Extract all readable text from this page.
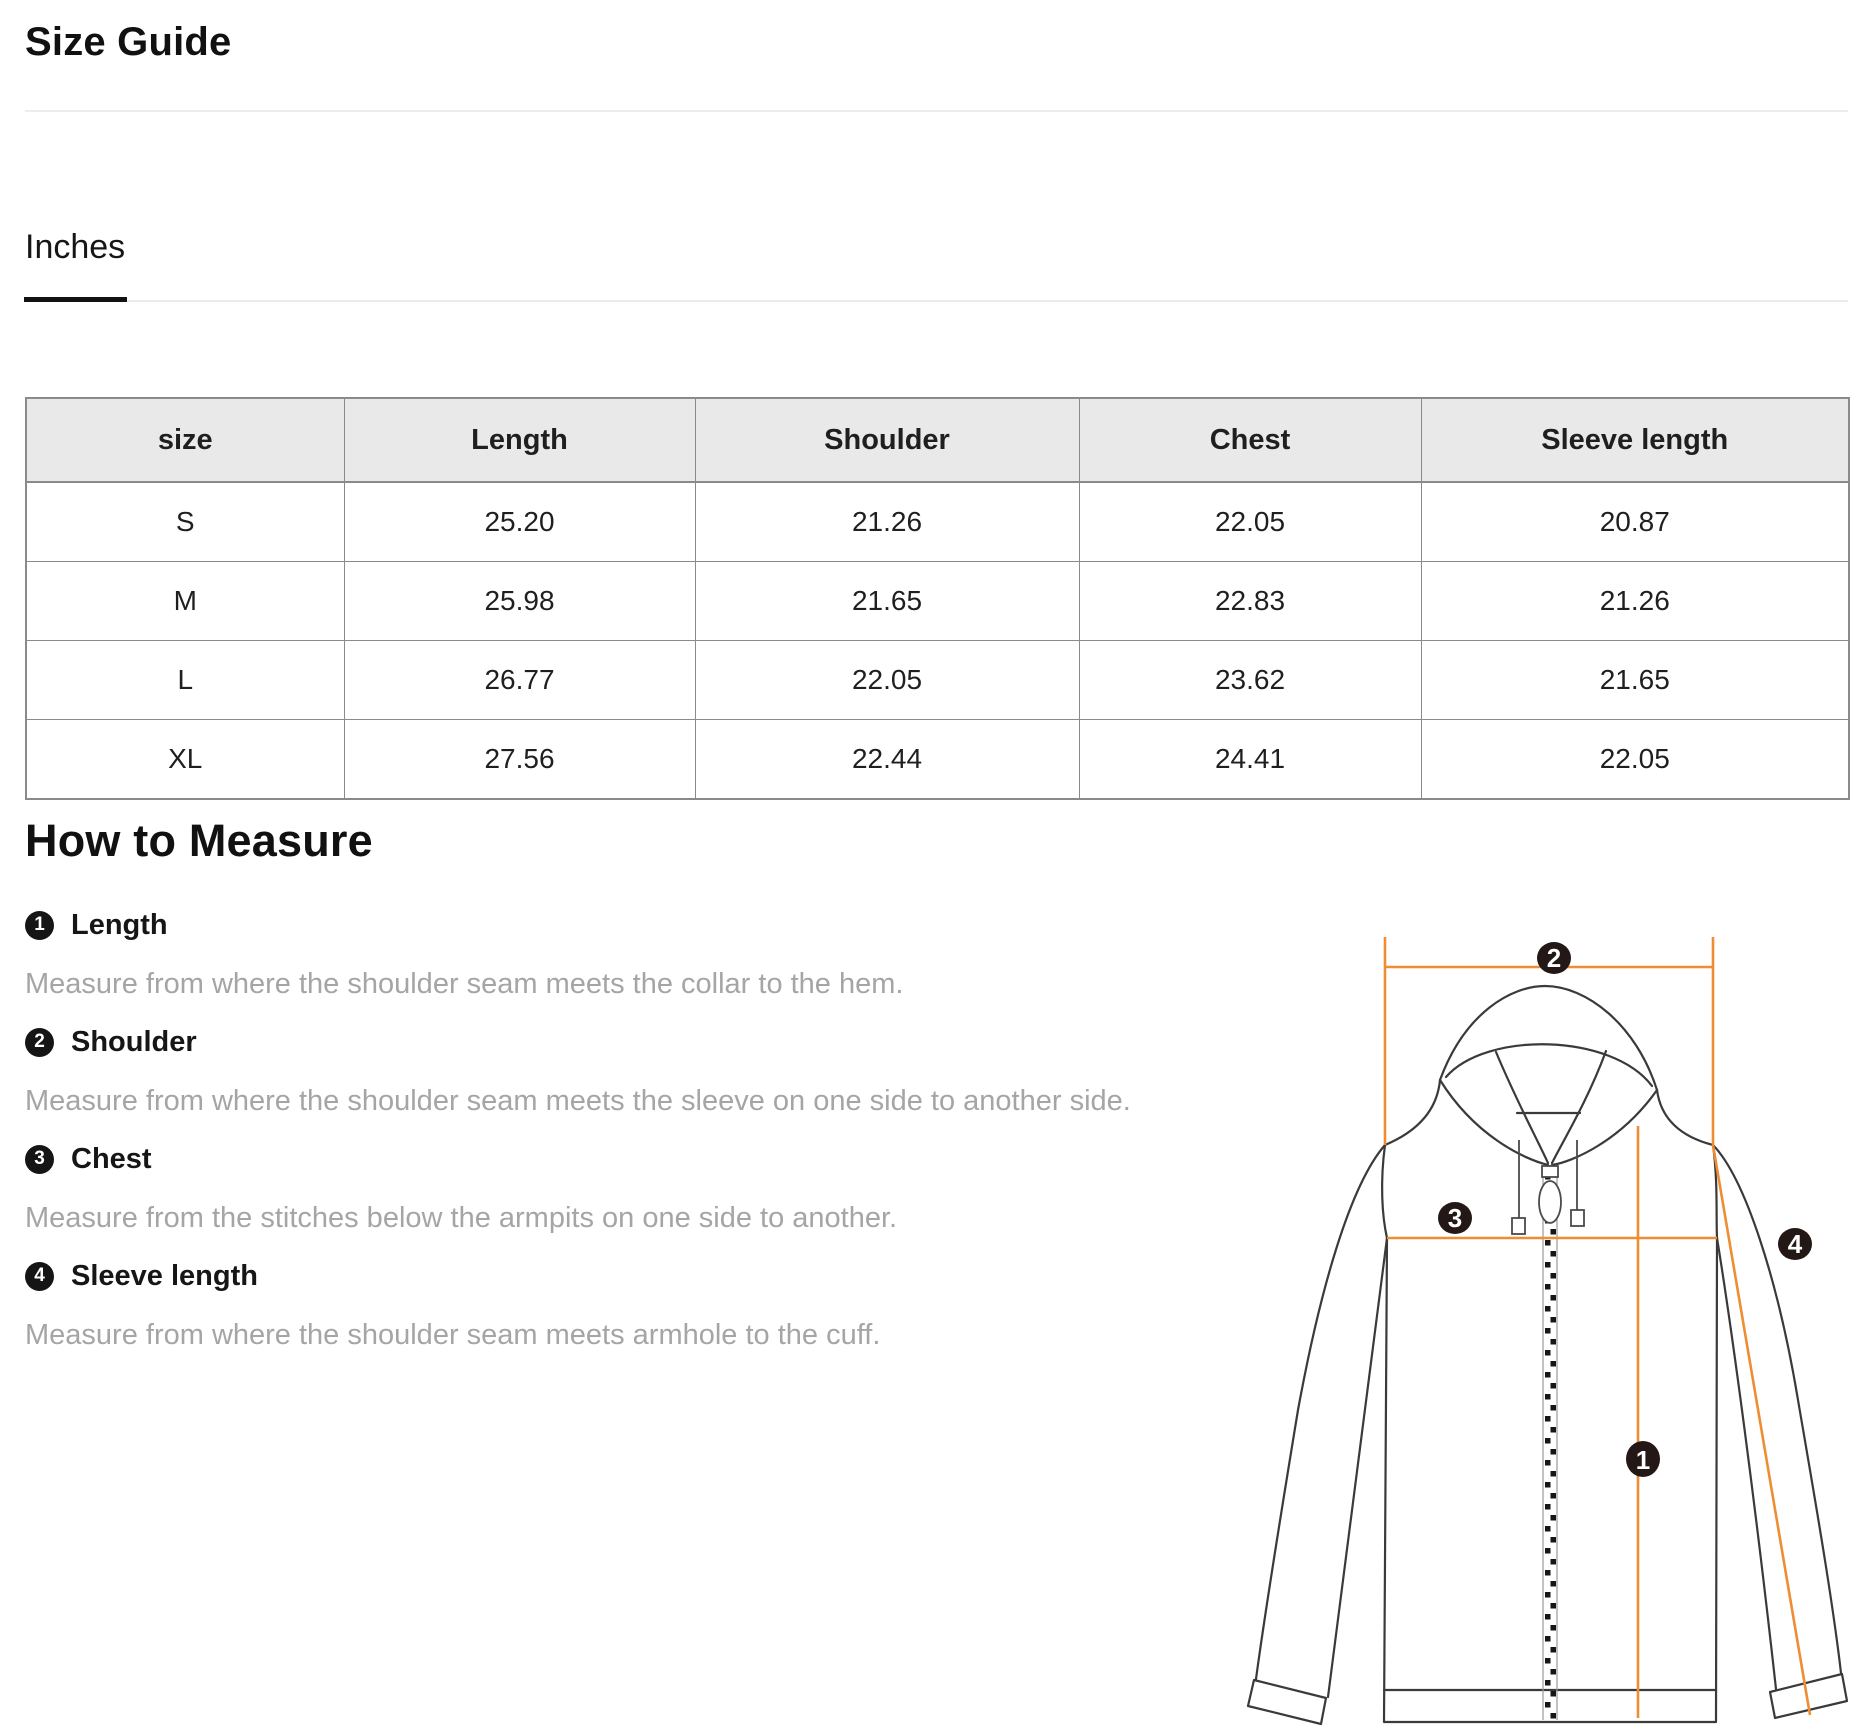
Size Guide
Inches
size	Length	Shoulder	Chest	Sleeve length
S	25.20	21.26	22.05	20.87
M	25.98	21.65	22.83	21.26
L	26.77	22.05	23.62	21.65
XL	27.56	22.44	24.41	22.05
How to Measure
1 Length
Measure from where the shoulder seam meets the collar to the hem.
2 Shoulder
Measure from where the shoulder seam meets the sleeve on one side to another side.
3 Chest
Measure from the stitches below the armpits on one side to another.
4 Sleeve length
Measure from where the shoulder seam meets armhole to the cuff.
2
3
1
4
